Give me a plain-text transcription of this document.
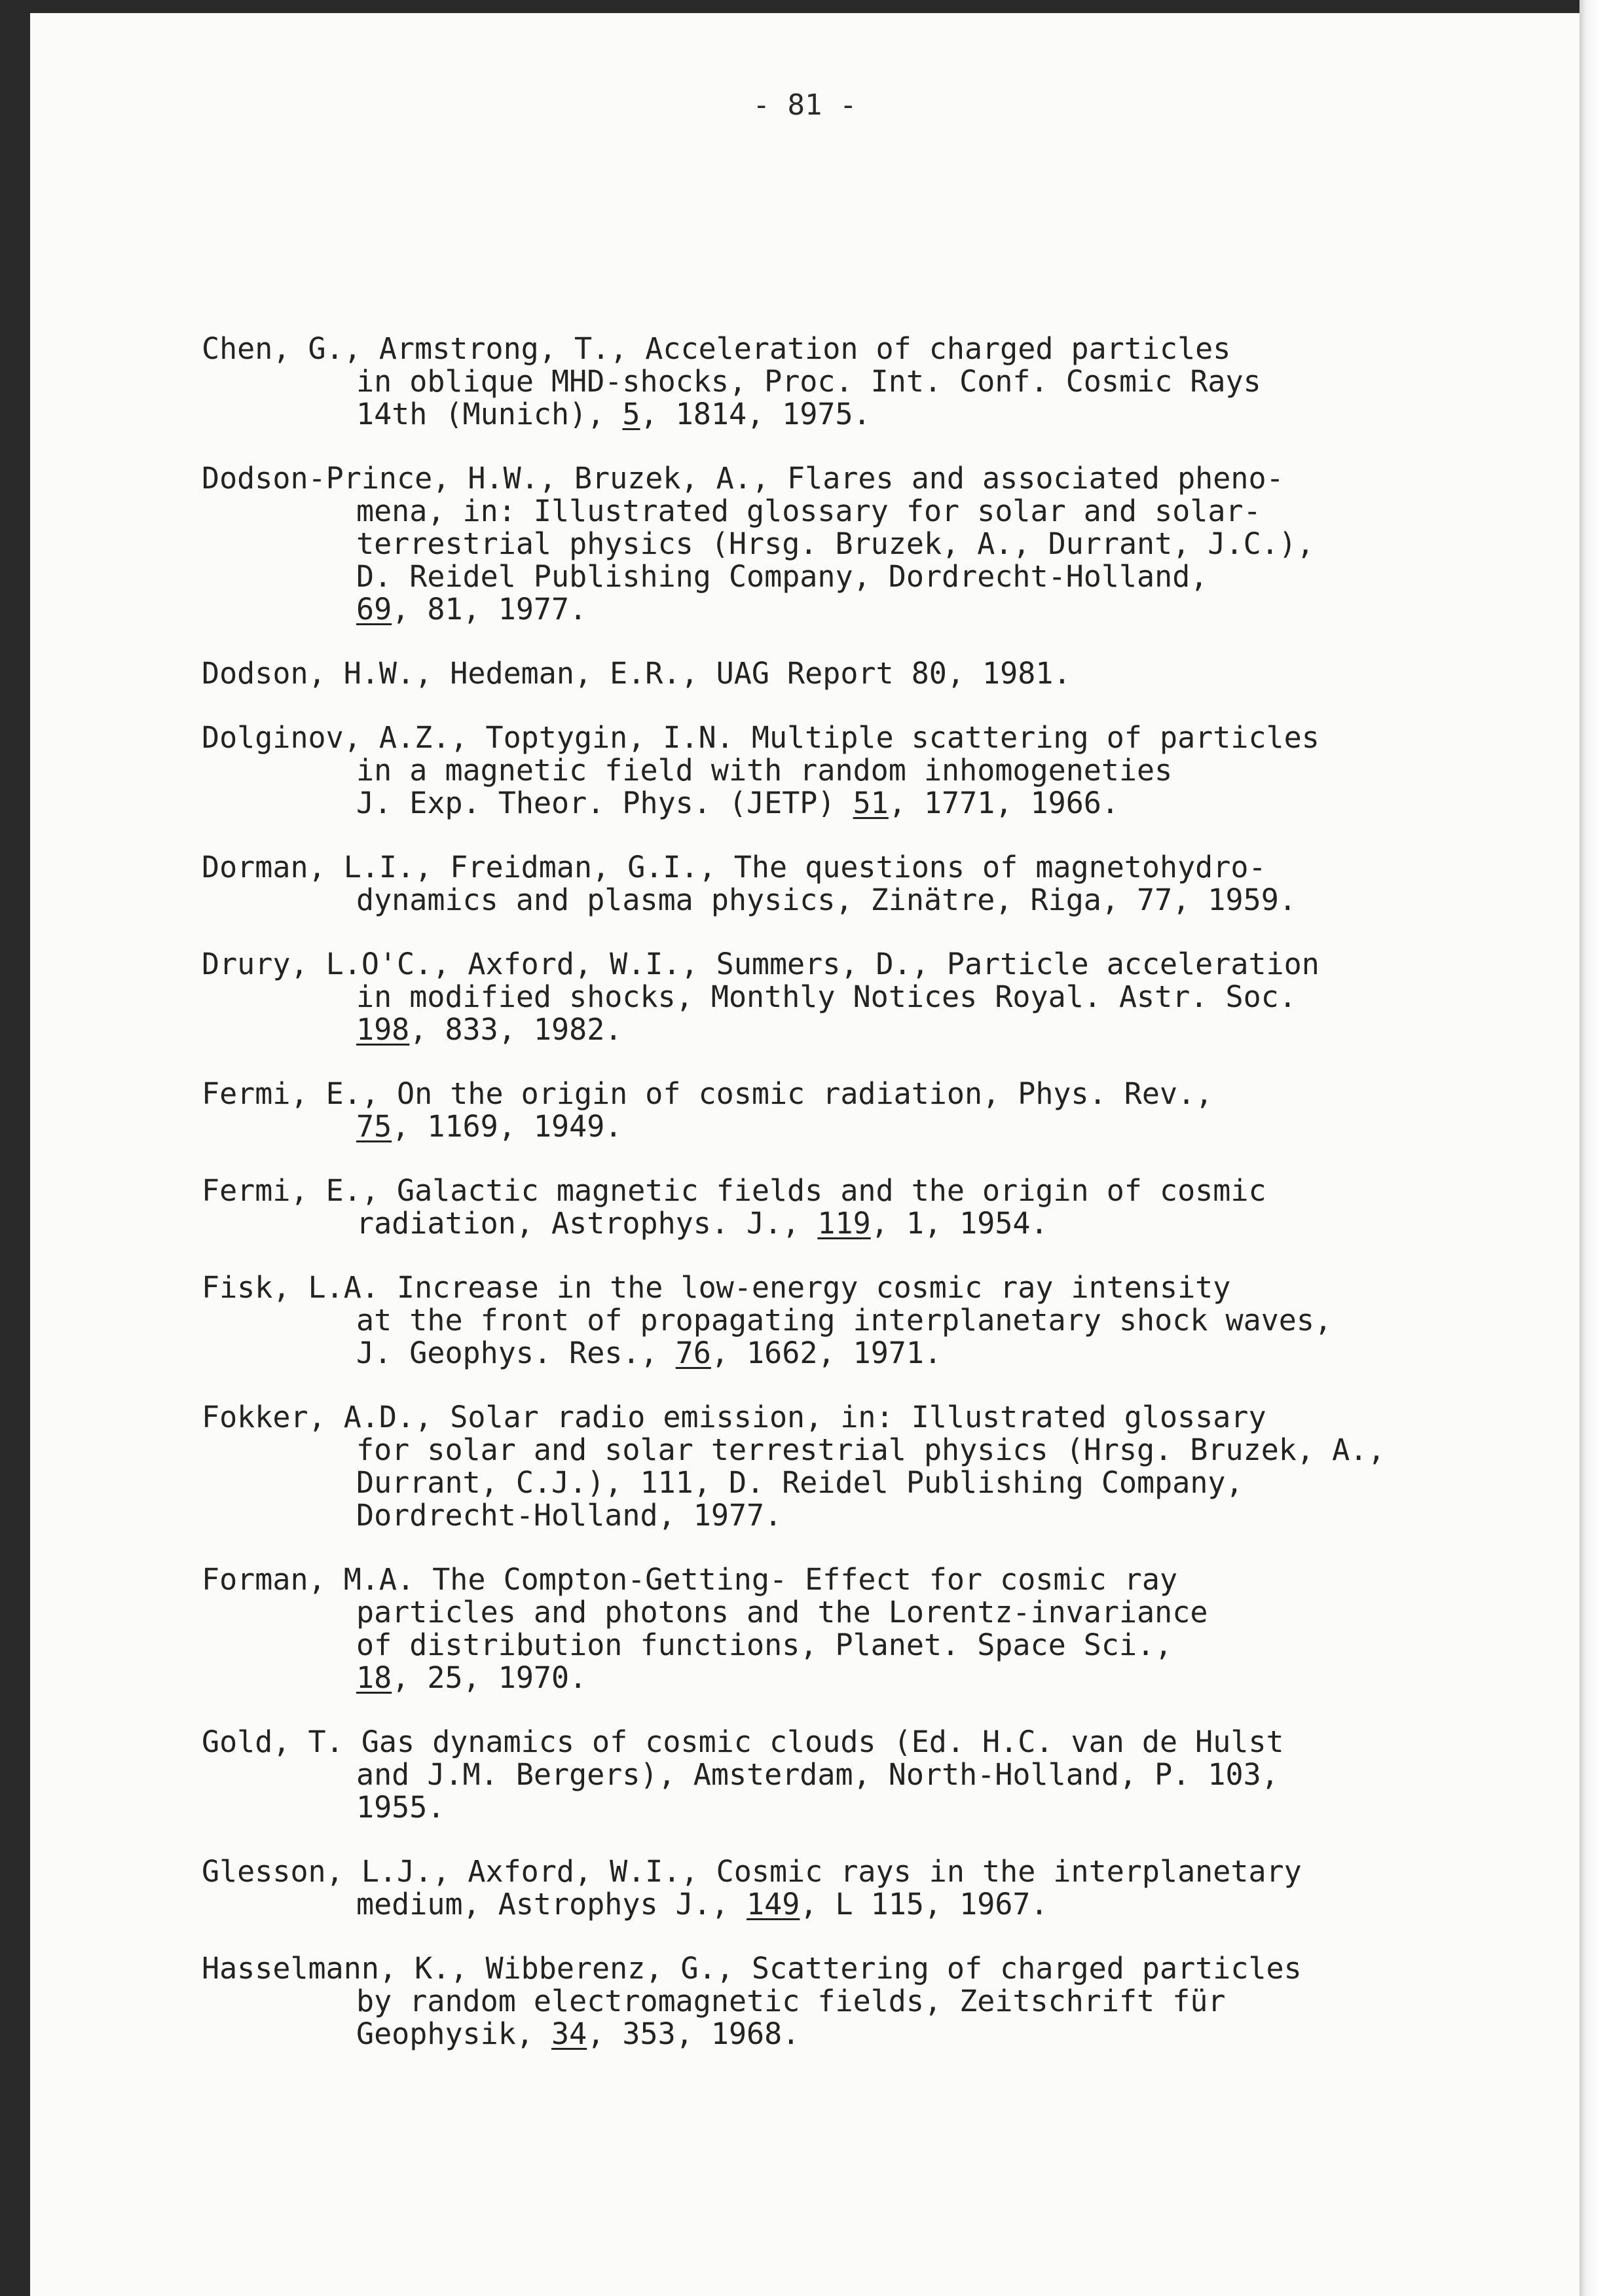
- 81 -

Chen, G., Armstrong, T., Acceleration of charged particles
in oblique MHD-shocks, Proc. Int. Conf. Cosmic Rays
14th (Munich), 5, 1814, 1975.
Dodson-Prince, H.W., Bruzek, A., Flares and associated pheno-
mena, in: Illustrated glossary for solar and solar-
terrestrial physics (Hrsg. Bruzek, A., Durrant, J.C.),
D. Reidel Publishing Company, Dordrecht-Holland,
69, 81, 1977.
Dodson, H.W., Hedeman, E.R., UAG Report 80, 1981.
Dolginov, A.Z., Toptygin, I.N. Multiple scattering of particles
in a magnetic field with random inhomogeneties
J. Exp. Theor. Phys. (JETP) 51, 1771, 1966.
Dorman, L.I., Freidman, G.I., The questions of magnetohydro-
dynamics and plasma physics, Zinätre, Riga, 77, 1959.
Drury, L.O'C., Axford, W.I., Summers, D., Particle acceleration
in modified shocks, Monthly Notices Royal. Astr. Soc.
198, 833, 1982.
Fermi, E., On the origin of cosmic radiation, Phys. Rev.,
75, 1169, 1949.
Fermi, E., Galactic magnetic fields and the origin of cosmic
radiation, Astrophys. J., 119, 1, 1954.
Fisk, L.A. Increase in the low-energy cosmic ray intensity
at the front of propagating interplanetary shock waves,
J. Geophys. Res., 76, 1662, 1971.
Fokker, A.D., Solar radio emission, in: Illustrated glossary
for solar and solar terrestrial physics (Hrsg. Bruzek, A.,
Durrant, C.J.), 111, D. Reidel Publishing Company,
Dordrecht-Holland, 1977.
Forman, M.A. The Compton-Getting- Effect for cosmic ray
particles and photons and the Lorentz-invariance
of distribution functions, Planet. Space Sci.,
18, 25, 1970.
Gold, T. Gas dynamics of cosmic clouds (Ed. H.C. van de Hulst
and J.M. Bergers), Amsterdam, North-Holland, P. 103,
1955.
Glesson, L.J., Axford, W.I., Cosmic rays in the interplanetary
medium, Astrophys J., 149, L 115, 1967.
Hasselmann, K., Wibberenz, G., Scattering of charged particles
by random electromagnetic fields, Zeitschrift für
Geophysik, 34, 353, 1968.
